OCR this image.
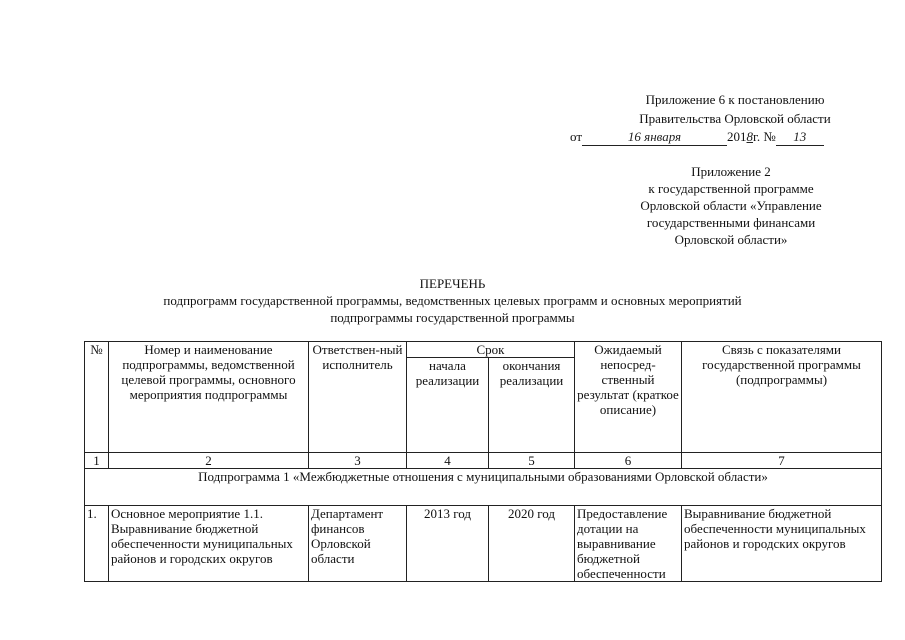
Приложение 6 к постановлению
Правительства Орловской области
от	16 января	2018г. № 13
Приложение 2
к государственной программе
Орловской области «Управление
государственными финансами
Орловской области»
ПЕРЕЧЕНЬ
подпрограмм государственной программы, ведомственных целевых программ и основных мероприятий
подпрограммы государственной программы
№	Номер и наименование подпрограммы, ведомственной целевой программы, основного мероприятия подпрограммы	Ответствен-ный исполнитель	Срок		Ожидаемый непосред-ственный результат (краткое описание)	Связь с показателями государственной программы (подпрограммы)
			начала реализации	окончания реализации		
1	2	3	4	5	6	7
Подпрограмма 1 «Межбюджетные отношения с муниципальными образованиями Орловской области»						
1.	Основное мероприятие 1.1. Выравнивание бюджетной обеспеченности муниципальных районов и городских округов	Департамент финансов Орловской области	2013 год	2020 год	Предоставление дотации на выравнивание бюджетной обеспеченности	Выравнивание бюджетной обеспеченности муниципальных районов и городских округов
